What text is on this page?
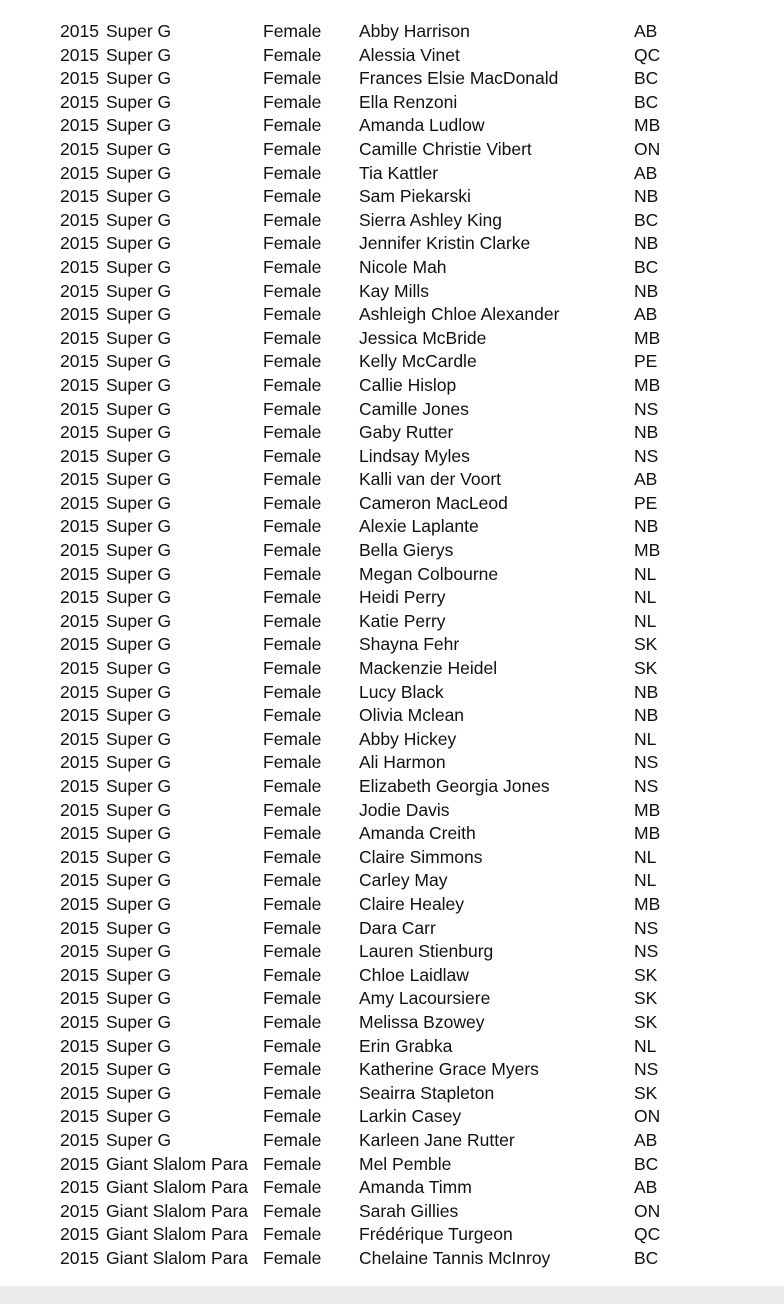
2015 Super G	Female Abby Harrison	AB
2015 Super G	Female Alessia Vinet	QC
2015 Super G	Female Frances Elsie MacDonald	BC
2015 Super G	Female Ella Renzoni	BC
2015 Super G	Female Amanda Ludlow	MB
2015 Super G	Female Camille Christie Vibert	ON
2015 Super G	Female Tia Kattler	AB
2015 Super G	Female Sam Piekarski	NB
2015 Super G	Female Sierra Ashley King	BC
2015 Super G	Female Jennifer Kristin Clarke	NB
2015 Super G	Female Nicole Mah	BC
2015 Super G	Female Kay Mills	NB
2015 Super G	Female Ashleigh Chloe Alexander	AB
2015 Super G	Female Jessica McBride	MB
2015 Super G	Female Kelly McCardle	PE
2015 Super G	Female Callie Hislop	MB
2015 Super G	Female Camille Jones	NS
2015 Super G	Female Gaby Rutter	NB
2015 Super G	Female Lindsay Myles	NS
2015 Super G	Female Kalli van der Voort	AB
2015 Super G	Female Cameron MacLeod	PE
2015 Super G	Female Alexie Laplante	NB
2015 Super G	Female Bella Gierys	MB
2015 Super G	Female Megan Colbourne	NL
2015 Super G	Female Heidi Perry	NL
2015 Super G	Female Katie Perry	NL
2015 Super G	Female Shayna Fehr	SK
2015 Super G	Female Mackenzie Heidel	SK
2015 Super G	Female Lucy Black	NB
2015 Super G	Female Olivia Mclean	NB
2015 Super G	Female Abby Hickey	NL
2015 Super G	Female Ali Harmon	NS
2015 Super G	Female Elizabeth Georgia Jones	NS
2015 Super G	Female Jodie Davis	MB
2015 Super G	Female Amanda Creith	MB
2015 Super G	Female Claire Simmons	NL
2015 Super G	Female Carley May	NL
2015 Super G	Female Claire Healey	MB
2015 Super G	Female Dara Carr	NS
2015 Super G	Female Lauren Stienburg	NS
2015 Super G	Female Chloe Laidlaw	SK
2015 Super G	Female Amy Lacoursiere	SK
2015 Super G	Female Melissa Bzowey	SK
2015 Super G	Female Erin Grabka	NL
2015 Super G	Female Katherine Grace Myers	NS
2015 Super G	Female Seairra Stapleton	SK
2015 Super G	Female Larkin Casey	ON
2015 Super G	Female Karleen Jane Rutter	AB
2015 Giant Slalom Para Female Mel Pemble	BC
2015 Giant Slalom Para Female Amanda Timm	AB
2015 Giant Slalom Para Female Sarah Gillies	ON
2015 Giant Slalom Para Female Frédérique Turgeon	QC
2015 Giant Slalom Para Female Chelaine Tannis McInroy	BC
